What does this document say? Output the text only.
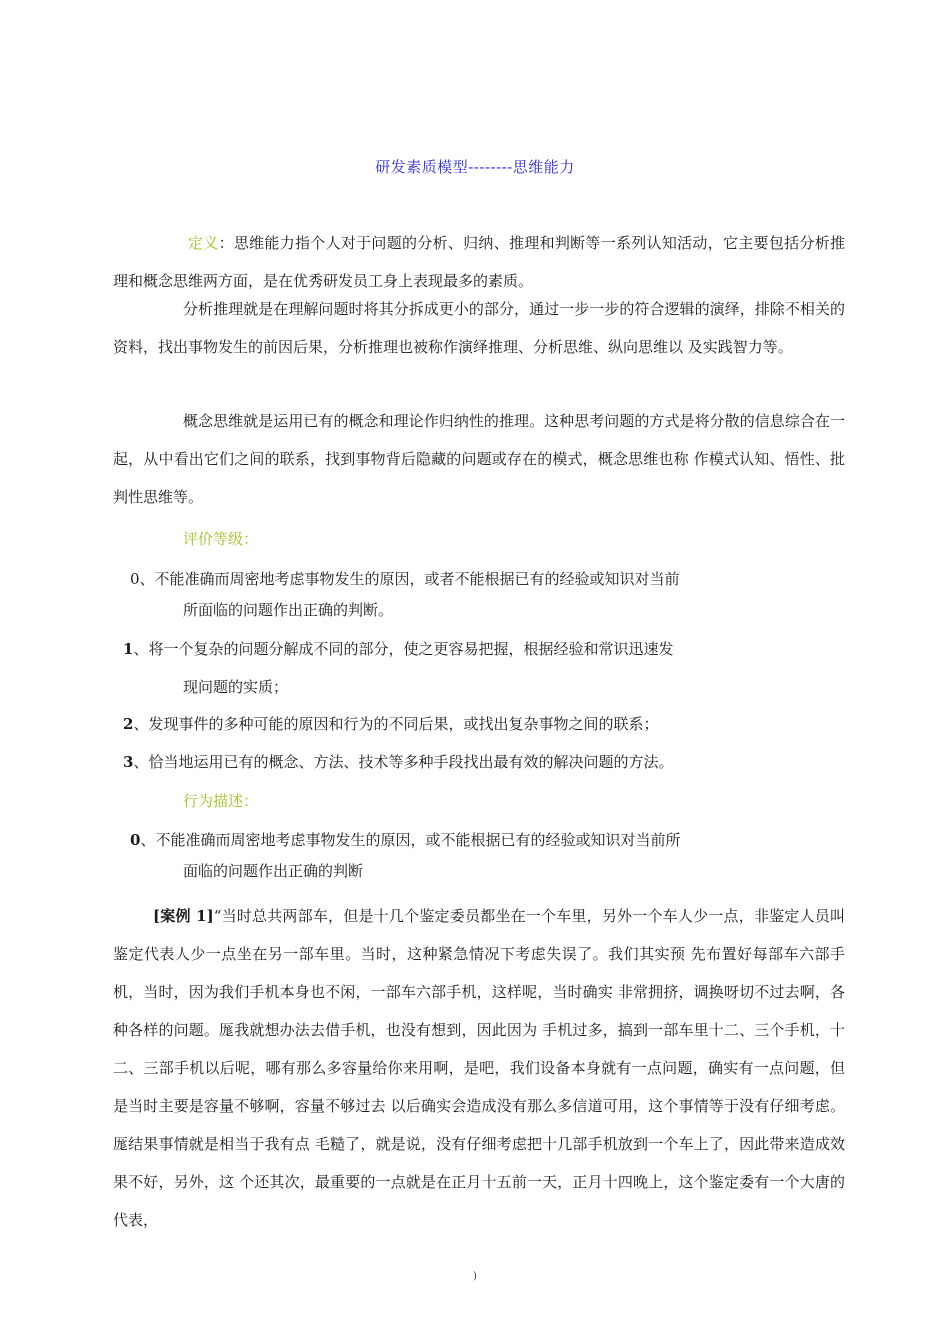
研发素质模型--------思维能力

定义：思维能力指个人对于问题的分析、归纳、推理和判断等一系列认知活动，它主要包括分析推理和概念思维两方面，是在优秀研发员工身上表现最多的素质。

分析推理就是在理解问题时将其分拆成更小的部分，通过一步一步的符合逻辑的演绎，排除不相关的资料，找出事物发生的前因后果，分析推理也被称作演绎推理、分析思维、纵向思维以 及实践智力等。

概念思维就是运用已有的概念和理论作归纳性的推理。这种思考问题的方式是将分散的信息综合在一起，从中看出它们之间的联系，找到事物背后隐藏的问题或存在的模式，概念思维也称 作模式认知、悟性、批判性思维等。

评价等级：
0、不能准确而周密地考虑事物发生的原因，或者不能根据已有的经验或知识对当前
所面临的问题作出正确的判断。
1、将一个复杂的问题分解成不同的部分，使之更容易把握，根据经验和常识迅速发
现问题的实质；
2、发现事件的多种可能的原因和行为的不同后果，或找出复杂事物之间的联系；
3、恰当地运用已有的概念、方法、技术等多种手段找出最有效的解决问题的方法。
行为描述：
0、不能准确而周密地考虑事物发生的原因，或不能根据已有的经验或知识对当前所
面临的问题作出正确的判断

[案例 1]“当时总共两部车，但是十几个鉴定委员都坐在一个车里，另外一个车人少一点，非鉴定人员叫鉴定代表人少一点坐在另一部车里。当时，这种紧急情况下考虑失误了。我们其实预 先布置好每部车六部手机，当时，因为我们手机本身也不闲，一部车六部手机，这样呢，当时确实 非常拥挤，调换呀切不过去啊，各种各样的问题。厖我就想办法去借手机，也没有想到，因此因为 手机过多，搞到一部车里十二、三个手机，十二、三部手机以后呢，哪有那么多容量给你来用啊，是吧，我们设备本身就有一点问题，确实有一点问题，但是当时主要是容量不够啊，容量不够过去 以后确实会造成没有那么多信道可用，这个事情等于没有仔细考虑。厖结果事情就是相当于我有点 毛糙了，就是说，没有仔细考虑把十几部手机放到一个车上了，因此带来造成效果不好，另外，这 个还其次，最重要的一点就是在正月十五前一天，正月十四晚上，这个鉴定委有一个大唐的代表，

)
